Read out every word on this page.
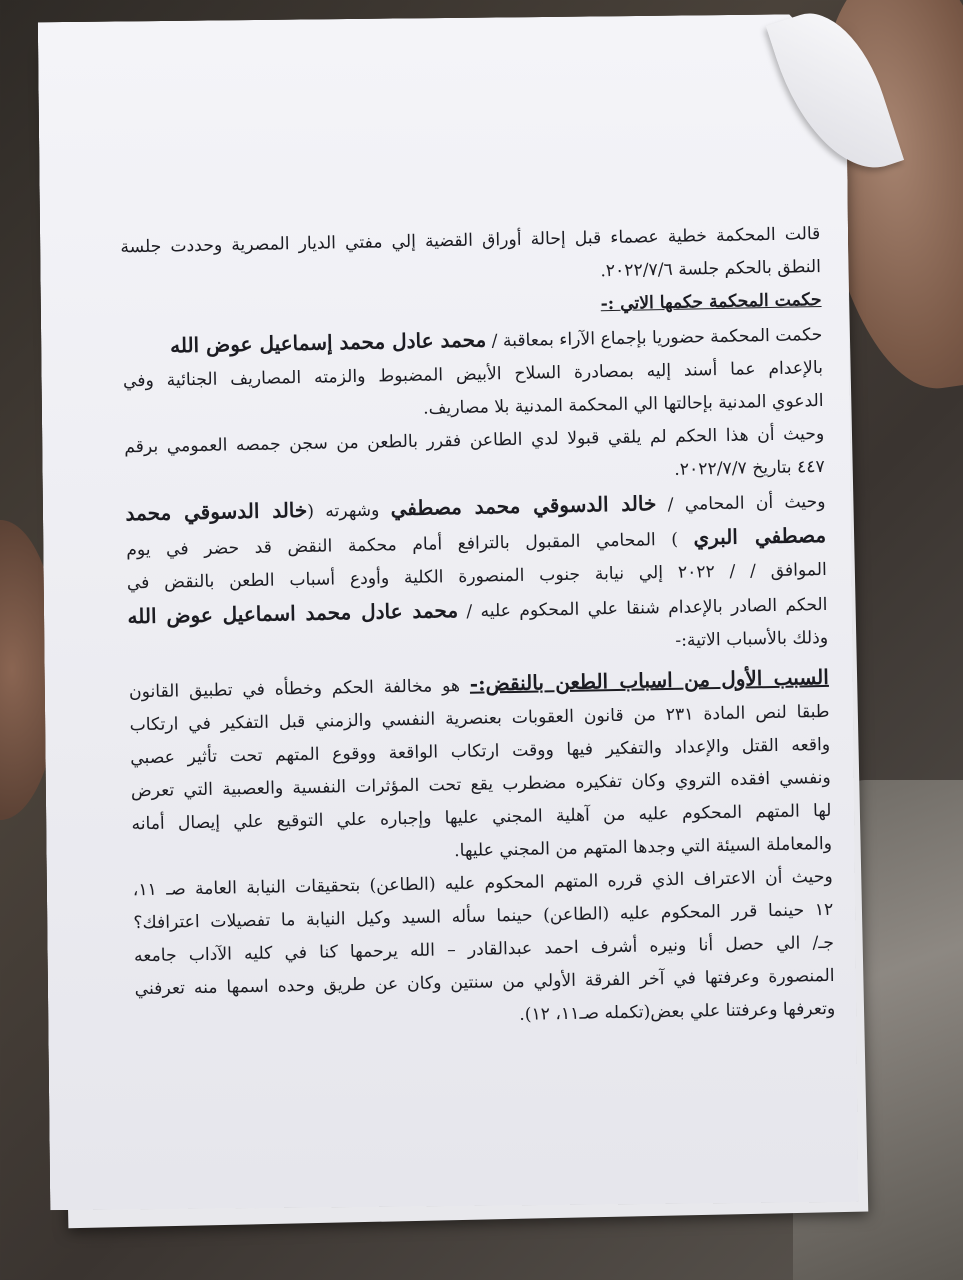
قالت المحكمة خطية عصماء قبل إحالة أوراق القضية إلي مفتي الديار المصرية وحددت جلسة
النطق بالحكم جلسة ٢٠٢٢/٧/٦.
حكمت المحكمة حكمها الاتي :-
حكمت المحكمة حضوريا بإجماع الآراء بمعاقبة / محمد عادل محمد إسماعيل عوض الله
بالإعدام عما أسند إليه بمصادرة السلاح الأبيض المضبوط والزمته المصاريف الجنائية وفي
الدعوي المدنية بإحالتها الي المحكمة المدنية بلا مصاريف.
وحيث أن هذا الحكم لم يلقي قبولا لدي الطاعن فقرر بالطعن من سجن جمصه العمومي برقم
٤٤٧ بتاريخ ٢٠٢٢/٧/٧.
وحيث أن المحامي / خالد الدسوقي محمد مصطفي وشهرته (خالد الدسوقي محمد
مصطفي البري ) المحامي المقبول بالترافع أمام محكمة النقض قد حضر في يوم
الموافق / / ٢٠٢٢ إلي نيابة جنوب المنصورة الكلية وأودع أسباب الطعن بالنقض في
الحكم الصادر بالإعدام شنقا علي المحكوم عليه / محمد عادل محمد اسماعيل عوض الله
وذلك بالأسباب الاتية:-
السبب الأول من اسباب الطعن بالنقض:- هو مخالفة الحكم وخطأه في تطبيق القانون
طبقا لنص المادة ٢٣١ من قانون العقوبات بعنصرية النفسي والزمني قبل التفكير في ارتكاب
واقعه القتل والإعداد والتفكير فيها ووقت ارتكاب الواقعة ووقوع المتهم تحت تأثير عصبي
ونفسي افقده التروي وكان تفكيره مضطرب يقع تحت المؤثرات النفسية والعصبية التي تعرض
لها المتهم المحكوم عليه من آهلية المجني عليها وإجباره علي التوقيع علي إيصال أمانه
والمعاملة السيئة التي وجدها المتهم من المجني عليها.
وحيث أن الاعتراف الذي قرره المتهم المحكوم عليه (الطاعن) بتحقيقات النيابة العامة صـ ١١،
١٢ حينما قرر المحكوم عليه (الطاعن) حينما سأله السيد وكيل النيابة ما تفصيلات اعترافك؟
جـ/ الي حصل أنا ونيره أشرف احمد عبدالقادر – الله يرحمها كنا في كليه الآداب جامعه
المنصورة وعرفتها في آخر الفرقة الأولي من سنتين وكان عن طريق وحده اسمها منه تعرفني
وتعرفها وعرفتنا علي بعض(تكمله صـ١١، ١٢).
